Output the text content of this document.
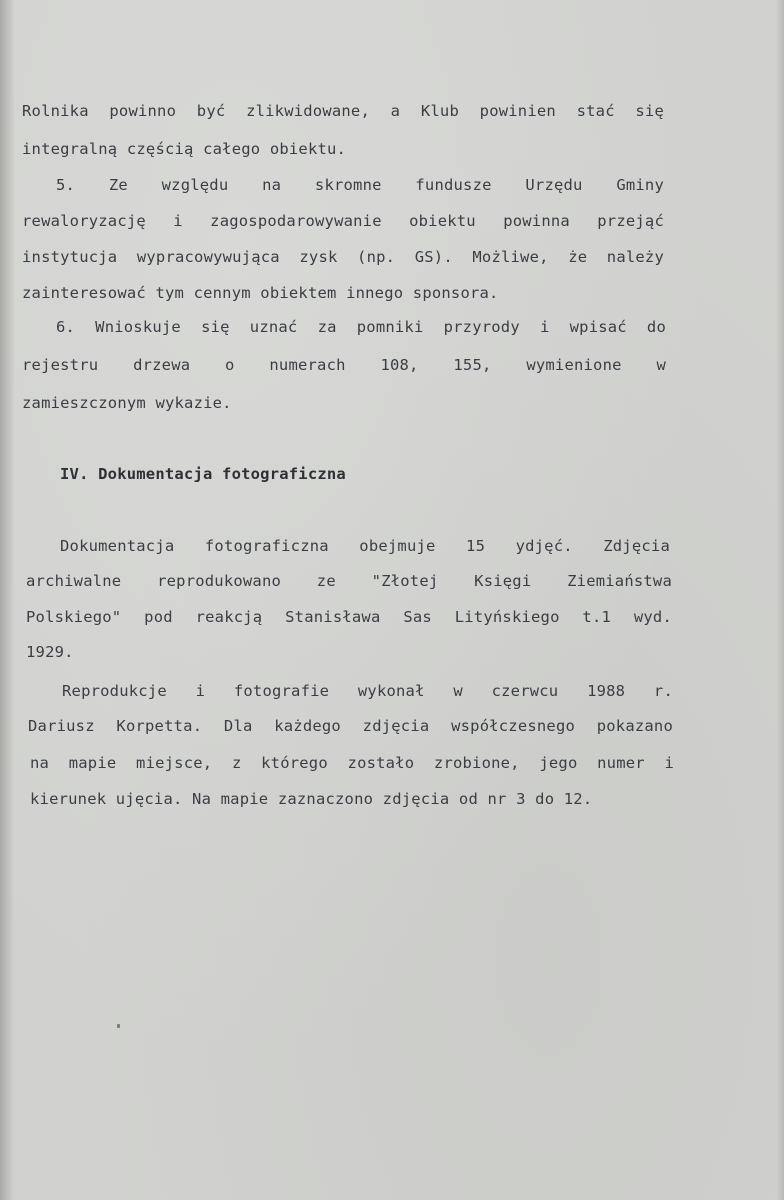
Rolnika powinno być zlikwidowane, a Klub powinien stać się
integralną częścią całego obiektu.
5. Ze względu na skromne fundusze Urzędu Gminy
rewaloryzację i zagospodarowywanie obiektu powinna przejąć
instytucja wypracowywująca zysk (np. GS). Możliwe, że należy
zainteresować tym cennym obiektem innego sponsora.
6. Wnioskuje się uznać za pomniki przyrody i wpisać do
rejestru drzewa o numerach 108, 155, wymienione w
zamieszczonym wykazie.
IV. Dokumentacja fotograficzna
Dokumentacja fotograficzna obejmuje 15 ydjęć. Zdjęcia
archiwalne reprodukowano ze "Złotej Księgi Ziemiaństwa
Polskiego" pod reakcją Stanisława Sas Lityńskiego t.1 wyd.
1929.
Reprodukcje i fotografie wykonał w czerwcu 1988 r.
Dariusz Korpetta. Dla każdego zdjęcia współczesnego pokazano
na mapie miejsce, z którego zostało zrobione, jego numer i
kierunek ujęcia. Na mapie zaznaczono zdjęcia od nr 3 do 12.
